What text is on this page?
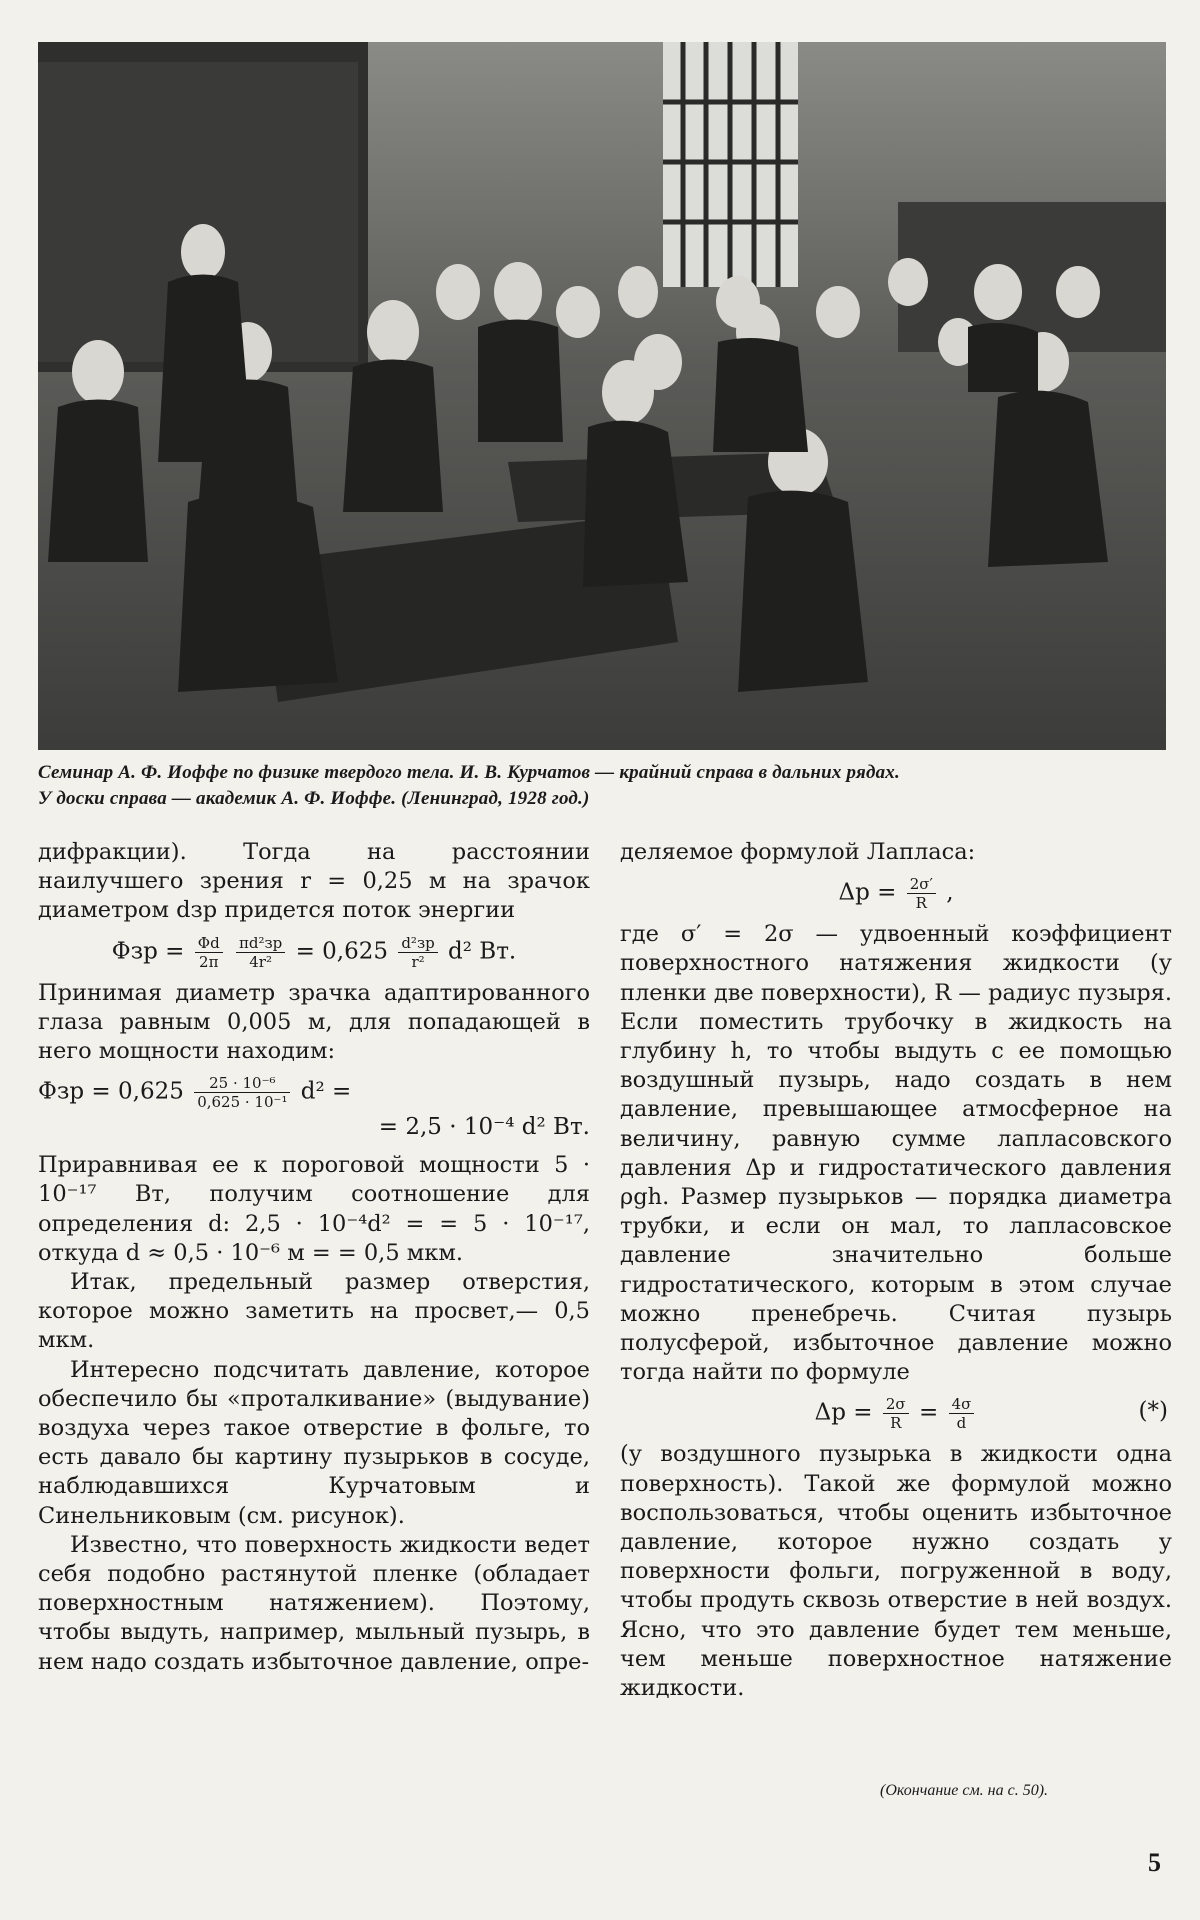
Семинар А. Ф. Иоффе по физике твердого тела. И. В. Курчатов — крайний справа в дальних рядах.
У доски справа — академик А. Ф. Иоффе. (Ленинград, 1928 год.)

дифракции). Тогда на расстоянии наилучшего зрения r = 0,25 м на зрачок диаметром dзр придется поток энергии

$\Phi зр = \frac{\Phi d}{2\pi}$
πd²зр
4r²	= 0,625 d²зр
r²	d² Вт.

Принимая диаметр зрачка адаптированного глаза равным 0,005 м, для попадающей в него мощности находим:

$\Phi зр = 0,625 \frac{\text{25 · 10⁻⁶}}{\text{0,625 · 10⁻¹}} d^2$ =
= 2,5 · 10⁻⁴ d² Вт.

Приравнивая ее к пороговой мощности 5 · 10⁻¹⁷ Вт, получим соотношение для определения d: 2,5 · 10⁻⁴d² = = 5 · 10⁻¹⁷, откуда d ≈ 0,5 · 10⁻⁶ м = = 0,5 мкм.

Итак, предельный размер отверстия, которое можно заметить на просвет,— 0,5 мкм.

Интересно подсчитать давление, которое обеспечило бы «проталкивание» (выдувание) воздуха через такое отверстие в фольге, то есть давало бы картину пузырьков в сосуде, наблюдавшихся Курчатовым и Синельниковым (см. рисунок).

Известно, что поверхность жидкости ведет себя подобно растянутой пленке (обладает поверхностным натяжением). Поэтому, чтобы выдуть, например, мыльный пузырь, в нем надо создать избыточное давление, опре-

деляемое формулой Лапласа:

$\Delta p = \frac{2\sigma'}{R}$ ,

где σ′ = 2σ — удвоенный коэффициент поверхностного натяжения жидкости (у пленки две поверхности), R — радиус пузыря. Если поместить трубочку в жидкость на глубину h, то чтобы выдуть с ее помощью воздушный пузырь, надо создать в нем давление, превышающее атмосферное на величину, равную сумме лапласовского давления Δp и гидростатического давления ρgh. Размер пузырьков — порядка диаметра трубки, и если он мал, то лапласовское давление значительно больше гидростатического, которым в этом случае можно пренебречь. Считая пузырь полусферой, избыточное давление можно тогда найти по формуле

$\Delta p = \frac{2\sigma}{R} = \frac{4\sigma}{d}$	(*)

(у воздушного пузырька в жидкости одна поверхность). Такой же формулой можно воспользоваться, чтобы оценить избыточное давление, которое нужно создать у поверхности фольги, погруженной в воду, чтобы продуть сквозь отверстие в ней воздух. Ясно, что это давление будет тем меньше, чем меньше поверхностное натяжение жидкости.

(Окончание см. на с. 50).
5
